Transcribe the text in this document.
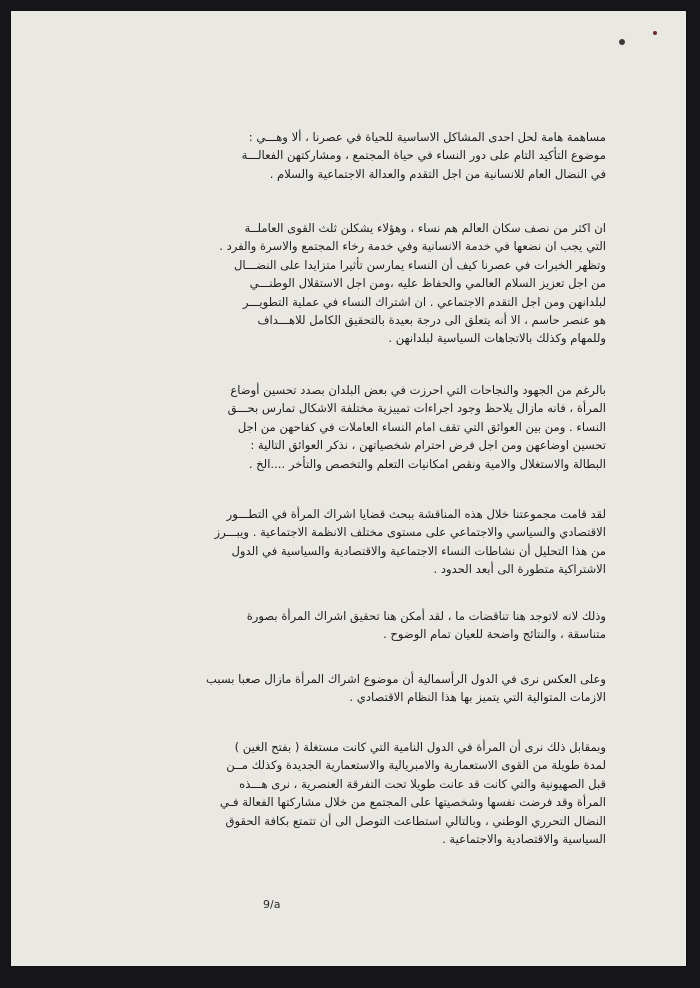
مساهمة هامة لحل احدى المشاكل الاساسية للحياة في عصرنا ، ألا وهـــي :
موضوع التأكيد التام على دور النساء في حياة المجتمع ، ومشاركتهن الفعالـــة
في النضال العام للانسانية من اجل التقدم والعدالة الاجتماعية والسلام .

ان اكثر من نصف سكان العالم هم نساء ، وهؤلاء يشكلن ثلث القوى العاملــة
التي يجب ان نضعها في خدمة الانسانية وفي خدمة رخاء المجتمع والاسرة والفرد .
وتظهر الخبرات في عصرنا كيف أن النساء يمارسن تأثيرا متزايدا على النضـــال
من اجل تعزيز السلام العالمي والحفاظ عليه ،ومن اجل الاستقلال الوطنـــي
لبلدانهن ومن اجل التقدم الاجتماعي . ان اشتراك النساء في عملية التطويـــر
هو عنصر حاسم ، الا أنه يتعلق الى درجة بعيدة بالتحقيق الكامل للاهـــداف
وللمهام وكذلك بالاتجاهات السياسية لبلدانهن .

بالرغم من الجهود والنجاحات التي احرزت في بعض البلدان بصدد تحسين أوضاع
المرأة ، فانه مازال يلاحظ وجود اجراءات تمييزية مختلفة الاشكال تمارس بحـــق
النساء . ومن بين العوائق التي تقف امام النساء العاملات في كفاحهن من اجل
تحسين اوضاعهن ومن اجل فرض احترام شخصياتهن ، نذكر العوائق التالية :
البطالة والاستغلال والامية ونقص امكانيات التعلم والتخصص والتأخر ....الخ .

لقد قامت مجموعتنا خلال هذه المناقشة ببحث قضايا اشراك المرأة في التطـــور
الاقتصادي والسياسي والاجتماعي على مستوى مختلف الانظمة الاجتماعية . ويبـــرز
من هذا التحليل أن نشاطات النساء الاجتماعية والاقتصادية والسياسية في الدول
الاشتراكية متطورة الى أبعد الحدود .

وذلك لانه لاتوجد هنا تناقضات ما ، لقد أمكن هنا تحقيق اشراك المرأة بصورة
متناسقة ، والنتائج واضحة للعيان تمام الوضوح .

وعلى العكس نرى في الدول الرأسمالية أن موضوع اشراك المرأة مازال صعبا بسبب
الازمات المتوالية التي يتميز بها هذا النظام الاقتصادي .

وبمقابل ذلك نرى أن المرأة في الدول النامية التي كانت مستغلة ( بفتح الغين )
لمدة طويلة من القوى الاستعمارية والامبريالية والاستعمارية الجديدة وكذلك مــن
قبل الصهيونية والتي كانت قد عانت طويلا تحت التفرقة العنصرية ، نرى هـــذه
المرأة وقد فرضت نفسها وشخصيتها على المجتمع من خلال مشاركتها الفعالة فـي
النضال التحرري الوطني ، وبالتالي استطاعت التوصل الى أن تتمتع بكافة الحقوق
السياسية والاقتصادية والاجتماعية .

9/a
